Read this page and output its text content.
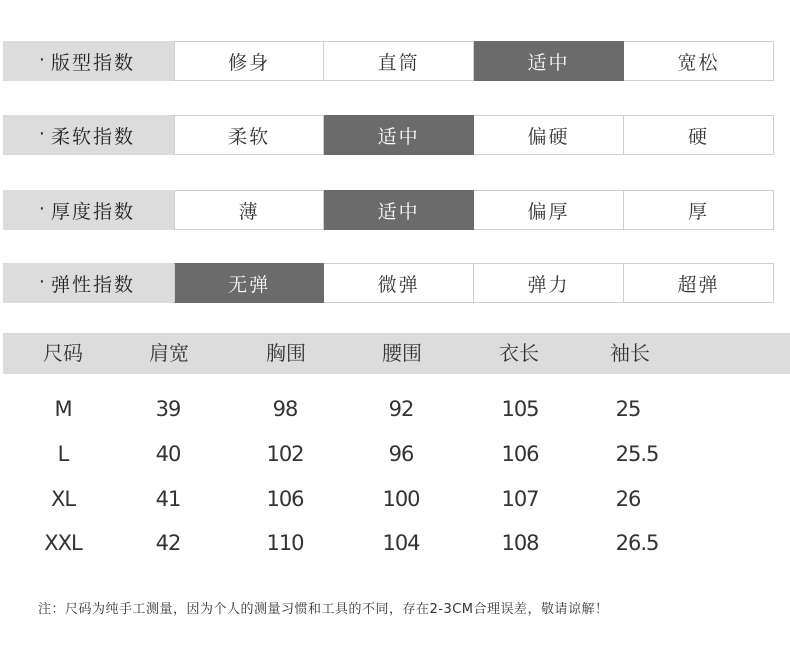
· 版型指数	修身	直筒	适中	宽松
· 柔软指数	柔软	适中	偏硬	硬
· 厚度指数	薄	适中	偏厚	厚
· 弹性指数	无弹	微弹	弹力	超弹
尺码	肩宽	胸围	腰围	衣长	袖长
M	39	98	92	105	25
L	40	102	96	106	25.5
XL	41	106	100	107	26
XXL	42	110	104	108	26.5
注：尺码为纯手工测量，因为个人的测量习惯和工具的不同，存在2-3CM合理误差，敬请谅解！
